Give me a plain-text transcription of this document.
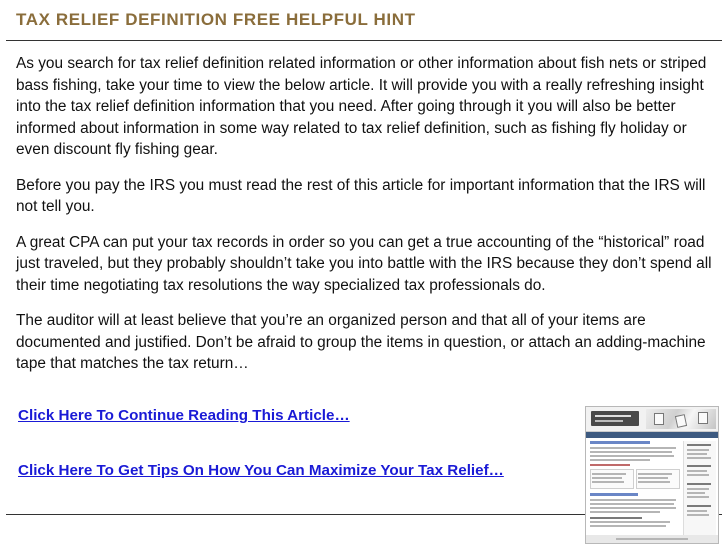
TAX RELIEF DEFINITION FREE HELPFUL HINT

As you search for tax relief definition related information or other information about fish nets or striped bass fishing, take your time to view the below article. It will provide you with a really refreshing insight into the tax relief definition information that you need. After going through it you will also be better informed about information in some way related to tax relief definition, such as fishing fly holiday or even discount fly fishing gear.

Before you pay the IRS you must read the rest of this article for important information that the IRS will not tell you.

A great CPA can put your tax records in order so you can get a true accounting of the “historical” road just traveled, but they probably shouldn’t take you into battle with the IRS because they don’t spend all their time negotiating tax resolutions the way specialized tax professionals do.

The auditor will at least believe that you’re an organized person and that all of your items are documented and justified. Don’t be afraid to group the items in question, or attach an adding-machine tape that matches the tax return…

Click Here To Continue Reading This Article…
Click Here To Get Tips On How You Can Maximize Your Tax Relief…
